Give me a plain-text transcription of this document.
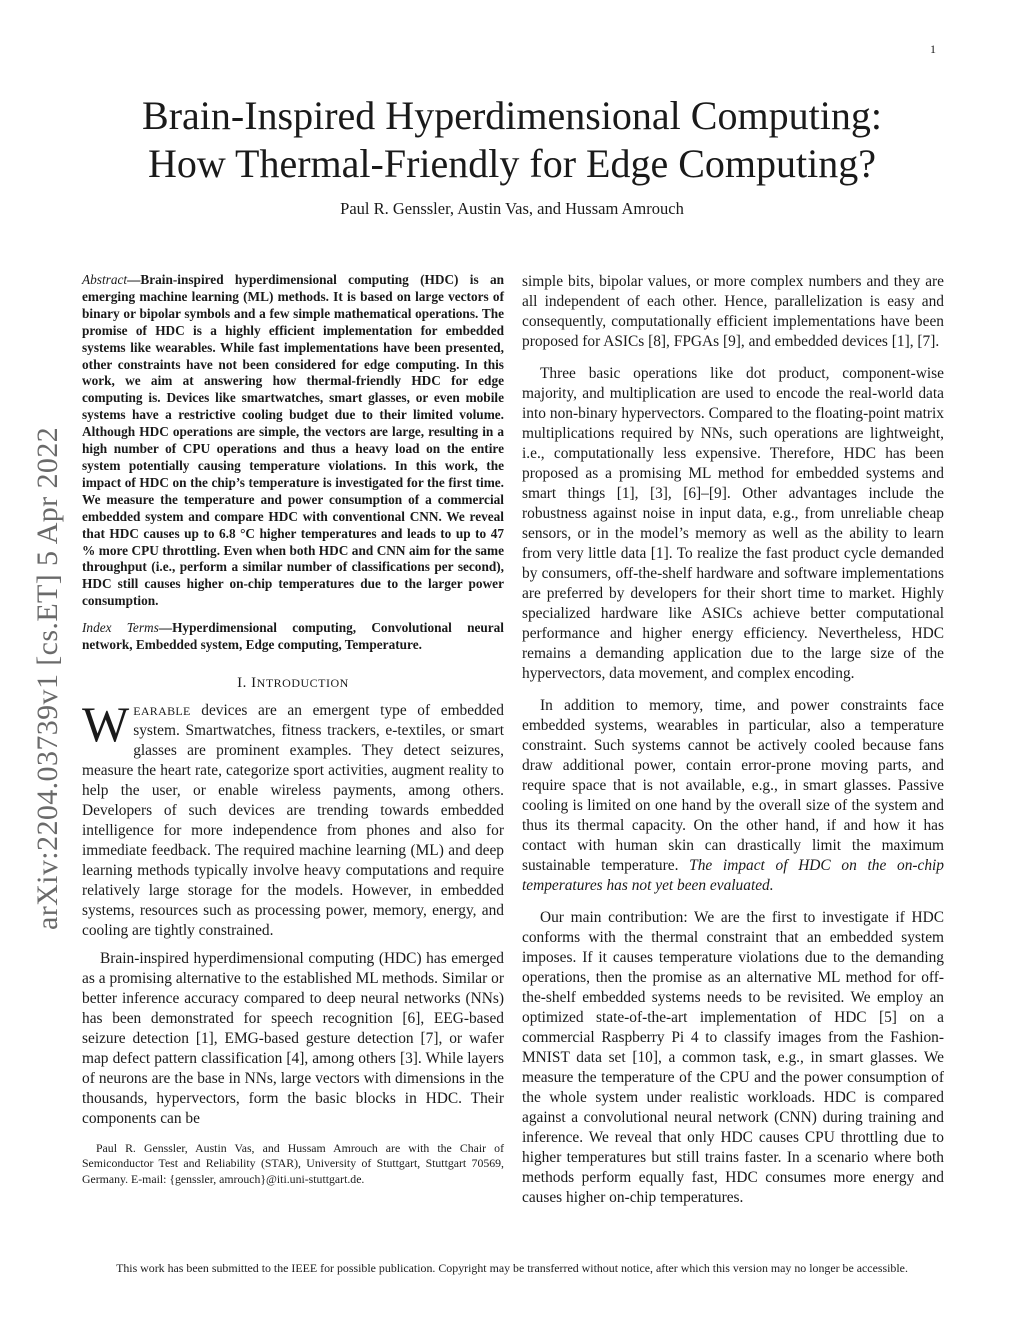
1
Brain-Inspired Hyperdimensional Computing:
How Thermal-Friendly for Edge Computing?
Paul R. Genssler, Austin Vas, and Hussam Amrouch
arXiv:2204.03739v1 [cs.ET] 5 Apr 2022

Abstract—Brain-inspired hyperdimensional computing (HDC) is an emerging machine learning (ML) methods. It is based on large vectors of binary or bipolar symbols and a few simple mathematical operations. The promise of HDC is a highly efficient implementation for embedded systems like wearables. While fast implementations have been presented, other constraints have not been considered for edge computing. In this work, we aim at answering how thermal-friendly HDC for edge computing is. Devices like smartwatches, smart glasses, or even mobile systems have a restrictive cooling budget due to their limited volume. Although HDC operations are simple, the vectors are large, resulting in a high number of CPU operations and thus a heavy load on the entire system potentially causing temperature violations. In this work, the impact of HDC on the chip’s temperature is investigated for the first time. We measure the temperature and power consumption of a commercial embedded system and compare HDC with conventional CNN. We reveal that HDC causes up to 6.8 °C higher temperatures and leads to up to 47 % more CPU throttling. Even when both HDC and CNN aim for the same throughput (i.e., perform a similar number of classifications per second), HDC still causes higher on-chip temperatures due to the larger power consumption.

Index Terms—Hyperdimensional computing, Convolutional neural network, Embedded system, Edge computing, Temperature.

I. INTRODUCTION

WEARABLE devices are an emergent type of embedded system. Smartwatches, fitness trackers, e-textiles, or smart glasses are prominent examples. They detect seizures, measure the heart rate, categorize sport activities, augment reality to help the user, or enable wireless payments, among others. Developers of such devices are trending towards embedded intelligence for more independence from phones and also for immediate feedback. The required machine learning (ML) and deep learning methods typically involve heavy computations and require relatively large storage for the models. However, in embedded systems, resources such as processing power, memory, energy, and cooling are tightly constrained.

Brain-inspired hyperdimensional computing (HDC) has emerged as a promising alternative to the established ML methods. Similar or better inference accuracy compared to deep neural networks (NNs) has been demonstrated for speech recognition [6], EEG-based seizure detection [1], EMG-based gesture detection [7], or wafer map defect pattern classification [4], among others [3]. While layers of neurons are the base in NNs, large vectors with dimensions in the thousands, hypervectors, form the basic blocks in HDC. Their components can be

Paul R. Genssler, Austin Vas, and Hussam Amrouch are with the Chair of Semiconductor Test and Reliability (STAR), University of Stuttgart, Stuttgart 70569, Germany. E-mail: {genssler, amrouch}@iti.uni-stuttgart.de.

simple bits, bipolar values, or more complex numbers and they are all independent of each other. Hence, parallelization is easy and consequently, computationally efficient implementations have been proposed for ASICs [8], FPGAs [9], and embedded devices [1], [7].

Three basic operations like dot product, component-wise majority, and multiplication are used to encode the real-world data into non-binary hypervectors. Compared to the floating-point matrix multiplications required by NNs, such operations are lightweight, i.e., computationally less expensive. Therefore, HDC has been proposed as a promising ML method for embedded systems and smart things [1], [3], [6]–[9]. Other advantages include the robustness against noise in input data, e.g., from unreliable cheap sensors, or in the model’s memory as well as the ability to learn from very little data [1]. To realize the fast product cycle demanded by consumers, off-the-shelf hardware and software implementations are preferred by developers for their short time to market. Highly specialized hardware like ASICs achieve better computational performance and higher energy efficiency. Nevertheless, HDC remains a demanding application due to the large size of the hypervectors, data movement, and complex encoding.

In addition to memory, time, and power constraints face embedded systems, wearables in particular, also a temperature constraint. Such systems cannot be actively cooled because fans draw additional power, contain error-prone moving parts, and require space that is not available, e.g., in smart glasses. Passive cooling is limited on one hand by the overall size of the system and thus its thermal capacity. On the other hand, if and how it has contact with human skin can drastically limit the maximum sustainable temperature. The impact of HDC on the on-chip temperatures has not yet been evaluated.

Our main contribution: We are the first to investigate if HDC conforms with the thermal constraint that an embedded system imposes. If it causes temperature violations due to the demanding operations, then the promise as an alternative ML method for off-the-shelf embedded systems needs to be revisited. We employ an optimized state-of-the-art implementation of HDC [5] on a commercial Raspberry Pi 4 to classify images from the Fashion-MNIST data set [10], a common task, e.g., in smart glasses. We measure the temperature of the CPU and the power consumption of the whole system under realistic workloads. HDC is compared against a convolutional neural network (CNN) during training and inference. We reveal that only HDC causes CPU throttling due to higher temperatures but still trains faster. In a scenario where both methods perform equally fast, HDC consumes more energy and causes higher on-chip temperatures.

This work has been submitted to the IEEE for possible publication. Copyright may be transferred without notice, after which this version may no longer be accessible.
